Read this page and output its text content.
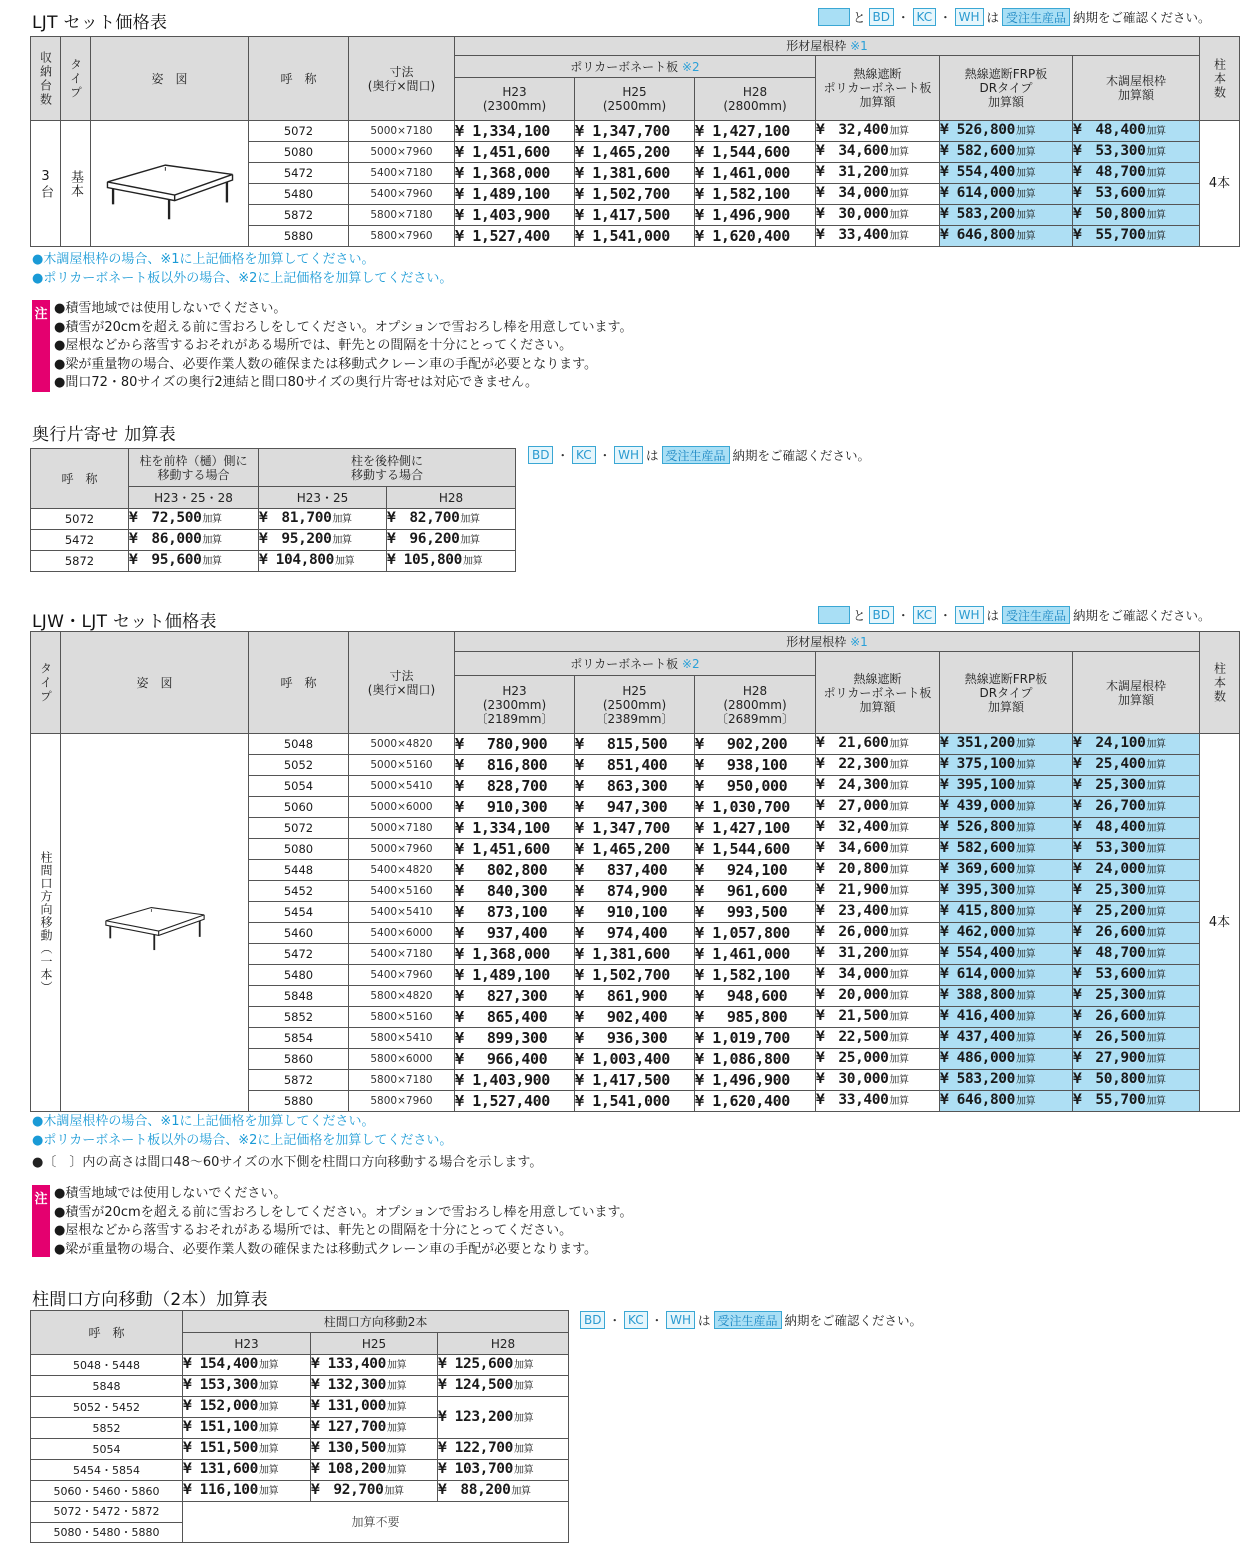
LJT セット価格表	と BD ・ KC ・ WH は 受注生産品 納期をご確認ください。
収納台数	タイプ	姿　図	呼　称	寸法
(奥行×間口)	形材屋根枠 ※1						柱本数
					ポリカーボネート板 ※2			熱線遮断
ポリカーボネート板
加算額	熱線遮断FRP板
DRタイプ
加算額	木調屋根枠
加算額	
					H23
(2300mm)	H25
(2500mm)	H28
(2800mm)				
3台	基本		5072	5000×7180	¥ 1,334,100	¥ 1,347,700	¥ 1,427,100	¥　32,400加算	¥ 526,800加算	¥　48,400加算	4本
			5080	5000×7960	¥ 1,451,600	¥ 1,465,200	¥ 1,544,600	¥　34,600加算	¥ 582,600加算	¥　53,300加算	
			5472	5400×7180	¥ 1,368,000	¥ 1,381,600	¥ 1,461,000	¥　31,200加算	¥ 554,400加算	¥　48,700加算	
			5480	5400×7960	¥ 1,489,100	¥ 1,502,700	¥ 1,582,100	¥　34,000加算	¥ 614,000加算	¥　53,600加算	
			5872	5800×7180	¥ 1,403,900	¥ 1,417,500	¥ 1,496,900	¥　30,000加算	¥ 583,200加算	¥　50,800加算	
			5880	5800×7960	¥ 1,527,400	¥ 1,541,000	¥ 1,620,400	¥　33,400加算	¥ 646,800加算	¥　55,700加算	
●木調屋根枠の場合、※1に上記価格を加算してください。
●ポリカーボネート板以外の場合、※2に上記価格を加算してください。
注 ●積雪地域では使用しないでください。
●積雪が20cmを超える前に雪おろしをしてください。オプションで雪おろし棒を用意しています。
●屋根などから落雪するおそれがある場所では、軒先との間隔を十分にとってください。
●梁が重量物の場合、必要作業人数の確保または移動式クレーン車の手配が必要となります。
●間口72・80サイズの奥行2連結と間口80サイズの奥行片寄せは対応できません。
奥行片寄せ 加算表
呼　称	柱を前枠（樋）側に
移動する場合	柱を後枠側に
移動する場合	
	H23・25・28	H23・25	H28
5072	¥　72,500加算	¥　81,700加算	¥　82,700加算
5472	¥　86,000加算	¥　95,200加算	¥　96,200加算
5872	¥　95,600加算	¥ 104,800加算	¥ 105,800加算
BD ・ KC ・ WH は 受注生産品 納期をご確認ください。
LJW・LJT セット価格表	と BD ・ KC ・ WH は 受注生産品 納期をご確認ください。
タイプ	姿　図	呼　称	寸法
(奥行×間口)	形材屋根枠 ※1						柱本数
				ポリカーボネート板 ※2			熱線遮断
ポリカーボネート板
加算額	熱線遮断FRP板
DRタイプ
加算額	木調屋根枠
加算額	
				H23
(2300mm)
〔2189mm〕	H25
(2500mm)
〔2389mm〕	H28
(2800mm)
〔2689mm〕				
柱間口方向移動（一本）		5048	5000×4820	¥　 780,900	¥　 815,500	¥　 902,200	¥　21,600加算	¥ 351,200加算	¥　24,100加算	4本
		5052	5000×5160	¥　 816,800	¥　 851,400	¥　 938,100	¥　22,300加算	¥ 375,100加算	¥　25,400加算	
		5054	5000×5410	¥　 828,700	¥　 863,300	¥　 950,000	¥　24,300加算	¥ 395,100加算	¥　25,300加算	
		5060	5000×6000	¥　 910,300	¥　 947,300	¥ 1,030,700	¥　27,000加算	¥ 439,000加算	¥　26,700加算	
		5072	5000×7180	¥ 1,334,100	¥ 1,347,700	¥ 1,427,100	¥　32,400加算	¥ 526,800加算	¥　48,400加算	
		5080	5000×7960	¥ 1,451,600	¥ 1,465,200	¥ 1,544,600	¥　34,600加算	¥ 582,600加算	¥　53,300加算	
		5448	5400×4820	¥　 802,800	¥　 837,400	¥　 924,100	¥　20,800加算	¥ 369,600加算	¥　24,000加算	
		5452	5400×5160	¥　 840,300	¥　 874,900	¥　 961,600	¥　21,900加算	¥ 395,300加算	¥　25,300加算	
		5454	5400×5410	¥　 873,100	¥　 910,100	¥　 993,500	¥　23,400加算	¥ 415,800加算	¥　25,200加算	
		5460	5400×6000	¥　 937,400	¥　 974,400	¥ 1,057,800	¥　26,000加算	¥ 462,000加算	¥　26,600加算	
		5472	5400×7180	¥ 1,368,000	¥ 1,381,600	¥ 1,461,000	¥　31,200加算	¥ 554,400加算	¥　48,700加算	
		5480	5400×7960	¥ 1,489,100	¥ 1,502,700	¥ 1,582,100	¥　34,000加算	¥ 614,000加算	¥　53,600加算	
		5848	5800×4820	¥　 827,300	¥　 861,900	¥　 948,600	¥　20,000加算	¥ 388,800加算	¥　25,300加算	
		5852	5800×5160	¥　 865,400	¥　 902,400	¥　 985,800	¥　21,500加算	¥ 416,400加算	¥　26,600加算	
		5854	5800×5410	¥　 899,300	¥　 936,300	¥ 1,019,700	¥　22,500加算	¥ 437,400加算	¥　26,500加算	
		5860	5800×6000	¥　 966,400	¥ 1,003,400	¥ 1,086,800	¥　25,000加算	¥ 486,000加算	¥　27,900加算	
		5872	5800×7180	¥ 1,403,900	¥ 1,417,500	¥ 1,496,900	¥　30,000加算	¥ 583,200加算	¥　50,800加算	
		5880	5800×7960	¥ 1,527,400	¥ 1,541,000	¥ 1,620,400	¥　33,400加算	¥ 646,800加算	¥　55,700加算	
●木調屋根枠の場合、※1に上記価格を加算してください。
●ポリカーボネート板以外の場合、※2に上記価格を加算してください。
●〔　〕内の高さは間口48～60サイズの水下側を柱間口方向移動する場合を示します。
注 ●積雪地域では使用しないでください。
●積雪が20cmを超える前に雪おろしをしてください。オプションで雪おろし棒を用意しています。
●屋根などから落雪するおそれがある場所では、軒先との間隔を十分にとってください。
●梁が重量物の場合、必要作業人数の確保または移動式クレーン車の手配が必要となります。
柱間口方向移動（2本）加算表
呼　称	柱間口方向移動2本		
	H23	H25	H28
5048・5448	¥ 154,400加算	¥ 133,400加算	¥ 125,600加算
5848	¥ 153,300加算	¥ 132,300加算	¥ 124,500加算
5052・5452	¥ 152,000加算	¥ 131,000加算	¥ 123,200加算
5852	¥ 151,100加算	¥ 127,700加算	
5054	¥ 151,500加算	¥ 130,500加算	¥ 122,700加算
5454・5854	¥ 131,600加算	¥ 108,200加算	¥ 103,700加算
5060・5460・5860	¥ 116,100加算	¥　92,700加算	¥　88,200加算
5072・5472・5872	加算不要		
5080・5480・5880			
BD ・ KC ・ WH は 受注生産品 納期をご確認ください。
